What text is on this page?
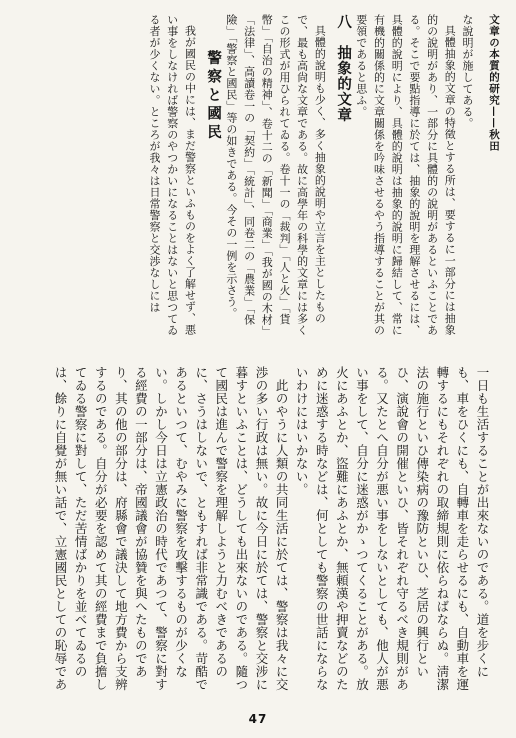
文章の本質的研究——秋田

な說明が施してある。

具體抽象的文章の特徵とする所は、要するに一部分には抽象的の說明があり、一部分に具體的の說明があるといふことである。そこで要點指導に於ては、抽象的說明を理解させるには、具體的說明により、具體的說明は抽象的說明に歸結して、常に有機的關係的に文章關係を吟味させるやう指導することが其の要領であると思ふ。

八　抽象的文章

具體的說明も少く、多く抽象的說明や立言を主としたもので、最も高尙な文章である。故に高學年の科學的文章には多くこの形式が用ひられてゐる。卷十一の「裁判」「人と火」「貨幣」「自治の精神」、卷十二の「新聞」「商業」「我が國の木材」「法律」、高讀卷一の「契約」「統計」、同卷二の「農業」「保險」「警察と國民」等の如きである。今その一例を示さう。

警察と國民

我が國民の中には、まだ警察といふものをよく了解せず、悪い事をしなければ警察のやつかいになることはないと思つてゐる者が少くない。ところが我々は日常警察と交渉なしには

一日も生活することが出來ないのである。道を步くにも、車をひくにも、自轉車を走らせるにも、自動車を運轉するにもそれぞれの取締規則に依らねばならぬ。淸潔法の施行といひ傳染病の豫防といひ、芝居の興行といひ、演說會の開催といひ、皆それぞれ守るべき規則がある。又たとへ自分が悪い事をしないとしても、他人が悪い事をして、自分に迷惑がかゝつてくることがある。放火にあふとか、盜難にあふとか、無頼漢や押賣などのために迷惑する時などは、何としても警察の世話にならないわけにはいかない。

此のやうに人類の共同生活に於ては、警察は我々に交渉の多い行政は無い。故に今日に於ては、警察と交涉に暮すといふことは、どうしても出來ないのである。隨つて國民は進んで警察を理解しようと力むべきであるのに、さうはしないで、ともすれば非常識である。苛酷であるといつて、むやみに警察を攻擊するものが少くない。しかし今日は立憲政治の時代であつて、警察に對する經費の一部分は、帝國議會が協贊を與へたものであり、其の他の部分は、府縣會で議決して地方費から支辨するのである。自分が必要を認めて其の經費まで負擔してゐる警察に對して、ただ苦情ばかりを並べてゐるのは、餘りに自覺が無い話で、立憲國民としての恥辱であ

47
